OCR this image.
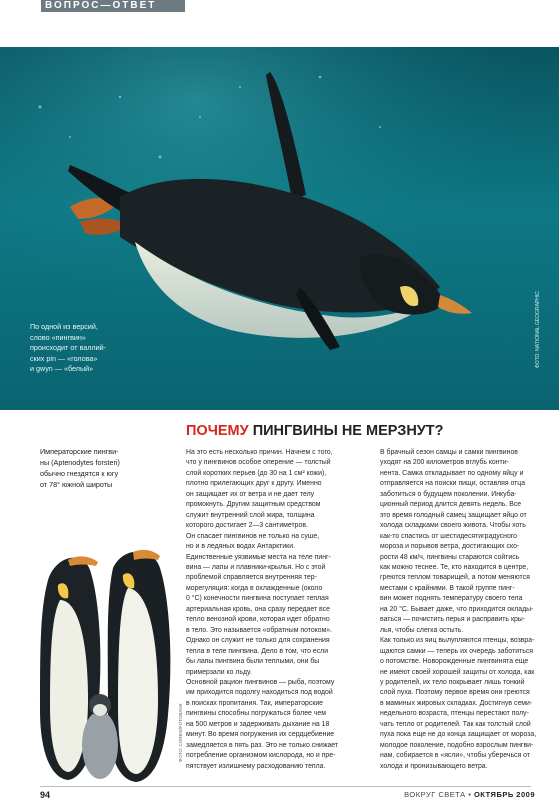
ВОПРОС—ОТВЕТ

По одной из версий,

слово «пингвин»

происходит от валлий-

ских pin — «голова»

и gwyn — «белый»

ФОТО: NATIONAL GEOGRAPHIC
ПОЧЕМУ ПИНГВИНЫ НЕ МЕРЗНУТ?

Императорские пингви-

ны (Aptenodytes forsteri)

обычно гнездятся к югу

от 78° южной широты

ФОТО: CORBIS/FOTOBANK

На это есть несколько причин. Начнем с того,

что у пингвинов особое оперение — толстый

слой коротких перьев (до 30 на 1 см² кожи),

плотно прилегающих друг к другу. Именно

он защищает их от ветра и не дает телу

промокнуть. Другим защитным средством

служит внутренний слой жира, толщина

которого достигает 2—3 сантиметров.

Он спасает пингвинов не только на суше,

но и в ледяных водах Антарктики.

Единственные уязвимые места на теле пинг-

вина — лапы и плавники-крылья. Но с этой

проблемой справляется внутренняя тер-

морегуляция: когда в охлажденные (около

0 °С) конечности пингвина поступает теплая

артериальная кровь, она сразу передает все

тепло венозной крови, которая идет обратно

в тело. Это называется «обратным потоком».

Однако он служит не только для сохранения

тепла в теле пингвина. Дело в том, что если

бы лапы пингвина были теплыми, они бы

примерзали ко льду.

Основной рацион пингвинов — рыба, поэтому

им приходится подолгу находиться под водой

в поисках пропитания. Так, императорские

пингвины способны погружаться более чем

на 500 метров и задерживать дыхание на 18

минут. Во время погружения их сердцебиение

замедляется в пять раз. Это не только снижает

потребление организмом кислорода, но и пре-

пятствует излишнему расходованию тепла.

В брачный сезон самцы и самки пингвинов

уходят на 200 километров вглубь конти-

нента. Самка откладывает по одному яйцу и

отправляется на поиски пищи, оставляя отца

заботиться о будущем поколении. Инкуба-

ционный период длится девять недель. Все

это время голодный самец защищает яйцо от

холода складками своего живота. Чтобы хоть

как-то спастись от шестидесятиградусного

мороза и порывов ветра, достигающих ско-

рости 48 км/ч, пингвины стараются сойтись

как можно теснее. Те, кто находится в центре,

греются теплом товарищей, а потом меняются

местами с крайними. В такой группе пинг-

вин может поднять температуру своего тела

на 20 °С. Бывает даже, что приходится оклады-

ваться — почистить перья и расправить кры-

лья, чтобы слегка остыть.

Как только из яиц вылупляются птенцы, возвра-

щаются самки — теперь их очередь заботиться

о потомстве. Новорожденные пингвинята еще

не имеют своей хорошей защиты от холода, как

у родителей, их тело покрывает лишь тонкий

слой пуха. Поэтому первое время они греются

в маминых жировых складках. Достигнув семи-

недельного возраста, птенцы перестают полу-

чать тепло от родителей. Так как толстый слой

пуха пока еще не до конца защищает от мороза,

молодое поколение, подобно взрослым пингви-

нам, собирается в «ясли», чтобы уберечься от

холода и пронизывающего ветра.

94	ВОКРУГ СВЕТА • ОКТЯБРЬ 2009
